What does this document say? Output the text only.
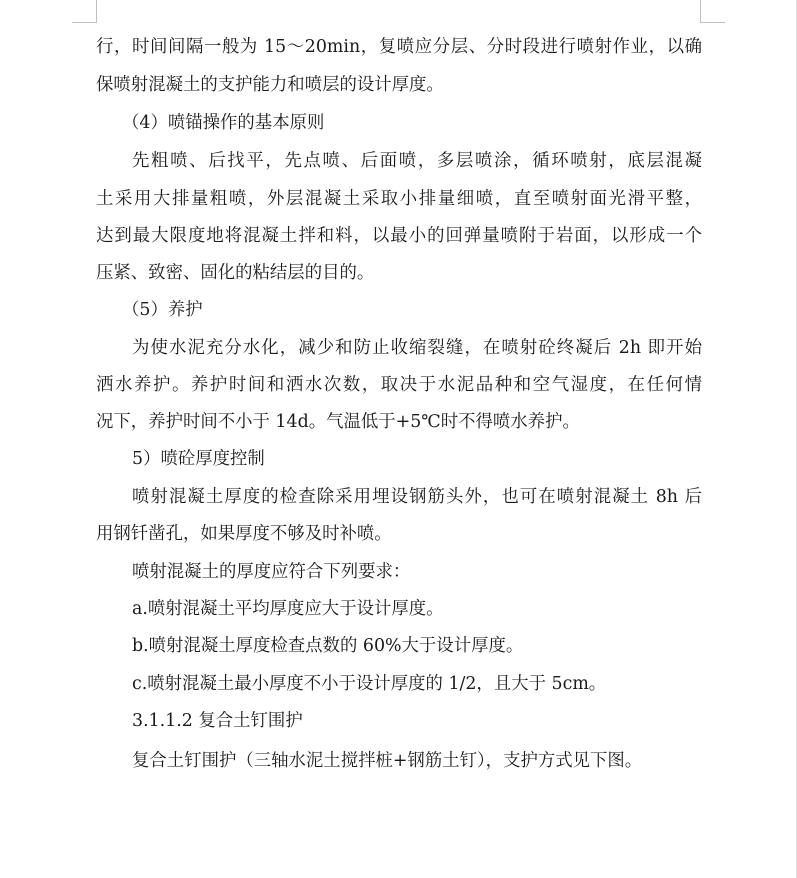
行，时间间隔一般为 15～20min，复喷应分层、分时段进行喷射作业，以确
保喷射混凝土的支护能力和喷层的设计厚度。
（4）喷锚操作的基本原则
先粗喷、后找平，先点喷、后面喷，多层喷涂，循环喷射，底层混凝
土采用大排量粗喷，外层混凝土采取小排量细喷，直至喷射面光滑平整，
达到最大限度地将混凝土拌和料，以最小的回弹量喷附于岩面，以形成一个
压紧、致密、固化的粘结层的目的。
（5）养护
为使水泥充分水化，减少和防止收缩裂缝，在喷射砼终凝后 2h 即开始
洒水养护。养护时间和洒水次数，取决于水泥品种和空气湿度，在任何情
况下，养护时间不小于 14d。气温低于+5℃时不得喷水养护。
5）喷砼厚度控制
喷射混凝土厚度的检查除采用埋设钢筋头外，也可在喷射混凝土 8h 后
用钢钎凿孔，如果厚度不够及时补喷。
喷射混凝土的厚度应符合下列要求：
a.喷射混凝土平均厚度应大于设计厚度。
b.喷射混凝土厚度检查点数的 60%大于设计厚度。
c.喷射混凝土最小厚度不小于设计厚度的 1/2，且大于 5cm。
3.1.1.2 复合土钉围护
复合土钉围护（三轴水泥土搅拌桩+钢筋土钉），支护方式见下图。
